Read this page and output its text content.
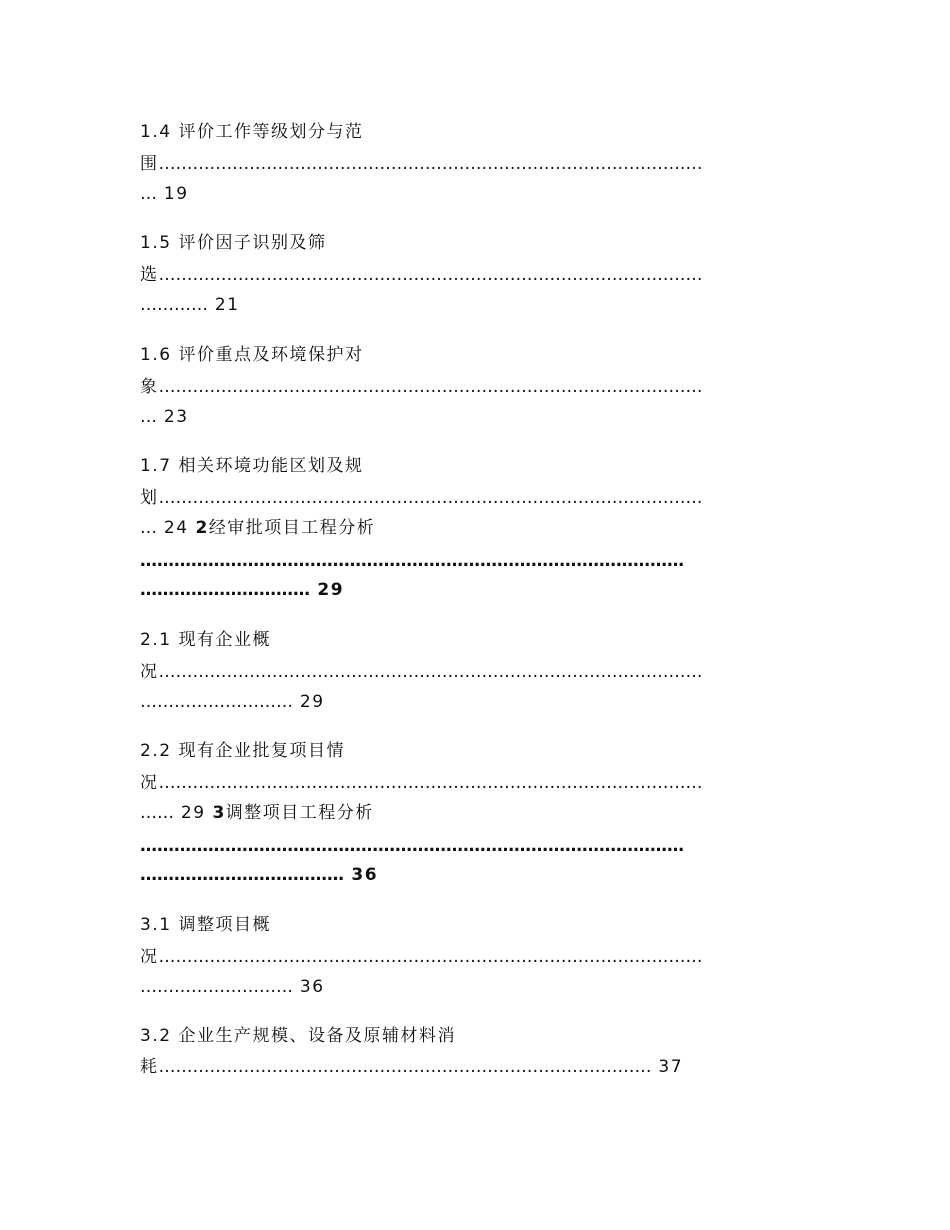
1.4 评价工作等级划分与范
围……………………………………………………………………………………
… 19
1.5 评价因子识别及筛
选……………………………………………………………………………………
………… 21
1.6 评价重点及环境保护对
象……………………………………………………………………………………
… 23
1.7 相关环境功能区划及规
划……………………………………………………………………………………
… 24 2经审批项目工程分析
……………………………………………………………………………………
………………………… 29
2.1 现有企业概
况……………………………………………………………………………………
……………………… 29
2.2 现有企业批复项目情
况……………………………………………………………………………………
…… 29 3调整项目工程分析
……………………………………………………………………………………
……………………………… 36
3.1 调整项目概
况……………………………………………………………………………………
……………………… 36
3.2 企业生产规模、设备及原辅材料消
耗…………………………………………………………………………… 37
